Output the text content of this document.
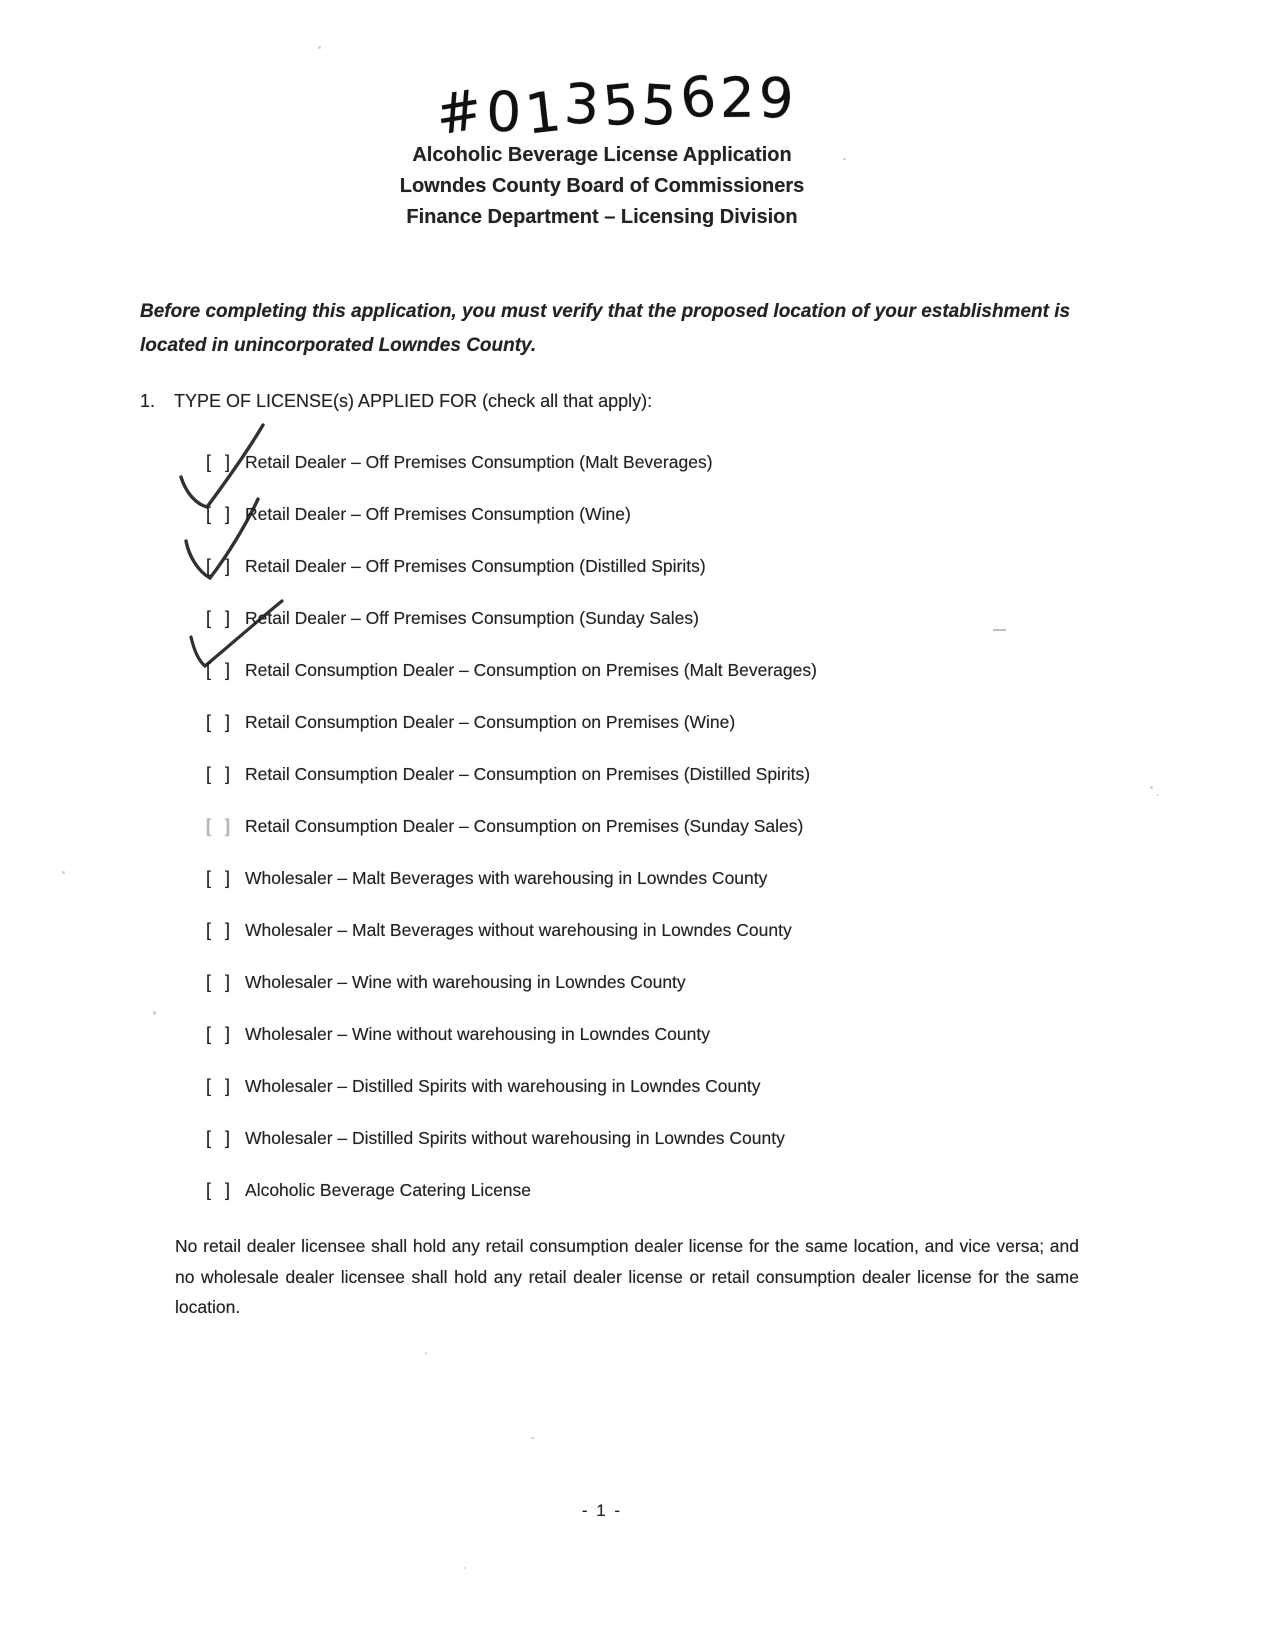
#01355629
Alcoholic Beverage License Application
Lowndes County Board of Commissioners
Finance Department – Licensing Division
Before completing this application, you must verify that the proposed location of your establishment is located in unincorporated Lowndes County.
1. TYPE OF LICENSE(s) APPLIED FOR (check all that apply):
[ ] Retail Dealer – Off Premises Consumption (Malt Beverages)
[ ] Retail Dealer – Off Premises Consumption (Wine)
[ ] Retail Dealer – Off Premises Consumption (Distilled Spirits)
[ ] Retail Dealer – Off Premises Consumption (Sunday Sales)
[ ] Retail Consumption Dealer – Consumption on Premises (Malt Beverages)
[ ] Retail Consumption Dealer – Consumption on Premises (Wine)
[ ] Retail Consumption Dealer – Consumption on Premises (Distilled Spirits)
[ ] Retail Consumption Dealer – Consumption on Premises (Sunday Sales)
[ ] Wholesaler – Malt Beverages with warehousing in Lowndes County
[ ] Wholesaler – Malt Beverages without warehousing in Lowndes County
[ ] Wholesaler – Wine with warehousing in Lowndes County
[ ] Wholesaler – Wine without warehousing in Lowndes County
[ ] Wholesaler – Distilled Spirits with warehousing in Lowndes County
[ ] Wholesaler – Distilled Spirits without warehousing in Lowndes County
[ ] Alcoholic Beverage Catering License
No retail dealer licensee shall hold any retail consumption dealer license for the same location, and vice versa; and no wholesale dealer licensee shall hold any retail dealer license or retail consumption dealer license for the same location.
- 1 -
